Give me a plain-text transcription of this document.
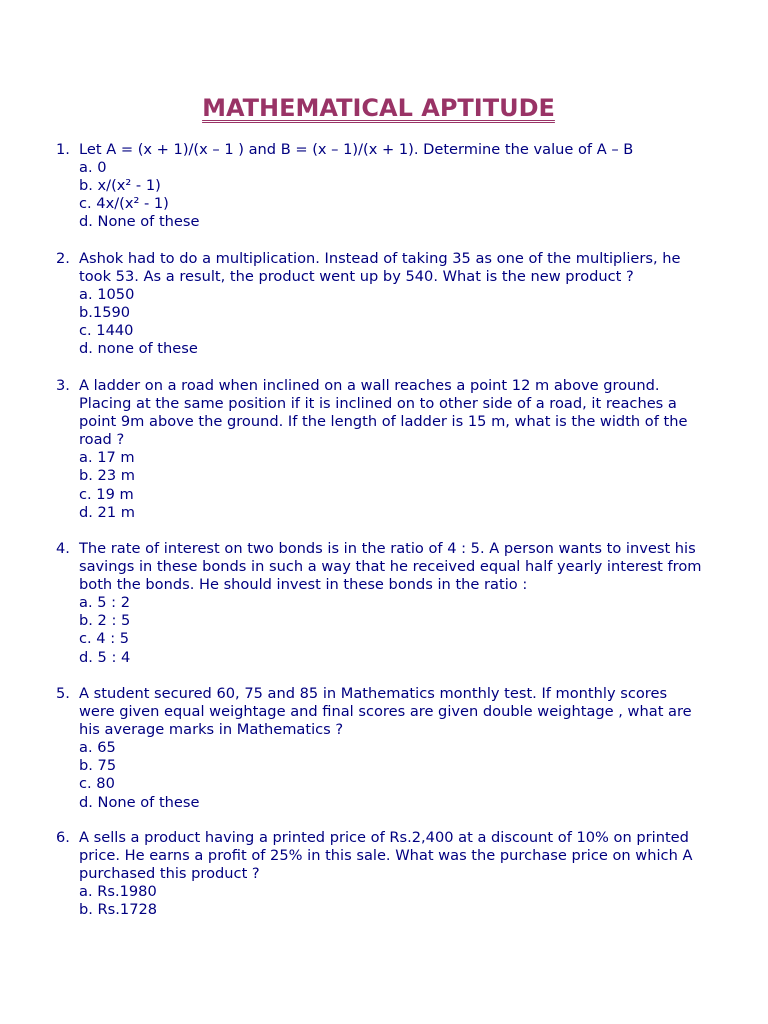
MATHEMATICAL APTITUDE
1. Let A = (x + 1)/(x – 1 ) and B = (x – 1)/(x + 1). Determine the value of A – B
a. 0
b. x/(x² - 1)
c. 4x/(x² - 1)
d. None of these
2. Ashok had to do a multiplication. Instead of taking 35 as one of the multipliers, he
took 53. As a result, the product went up by 540. What is the new product ?
a. 1050
b.1590
c. 1440
d. none of these
3. A ladder on a road when inclined on a wall reaches a point 12 m above ground.
Placing at the same position if it is inclined on to other side of a road, it reaches a
point 9m above the ground. If the length of ladder is 15 m, what is the width of the
road ?
a. 17 m
b. 23 m
c. 19 m
d. 21 m
4. The rate of interest on two bonds is in the ratio of 4 : 5. A person wants to invest his
savings in these bonds in such a way that he received equal half yearly interest from
both the bonds. He should invest in these bonds in the ratio :
a. 5 : 2
b. 2 : 5
c. 4 : 5
d. 5 : 4
5. A student secured 60, 75 and 85 in Mathematics monthly test. If monthly scores
were given equal weightage and final scores are given double weightage , what are
his average marks in Mathematics ?
a. 65
b. 75
c. 80
d. None of these
6. A sells a product having a printed price of Rs.2,400 at a discount of 10% on printed
price. He earns a profit of 25% in this sale. What was the purchase price on which A
purchased this product ?
a. Rs.1980
b. Rs.1728
